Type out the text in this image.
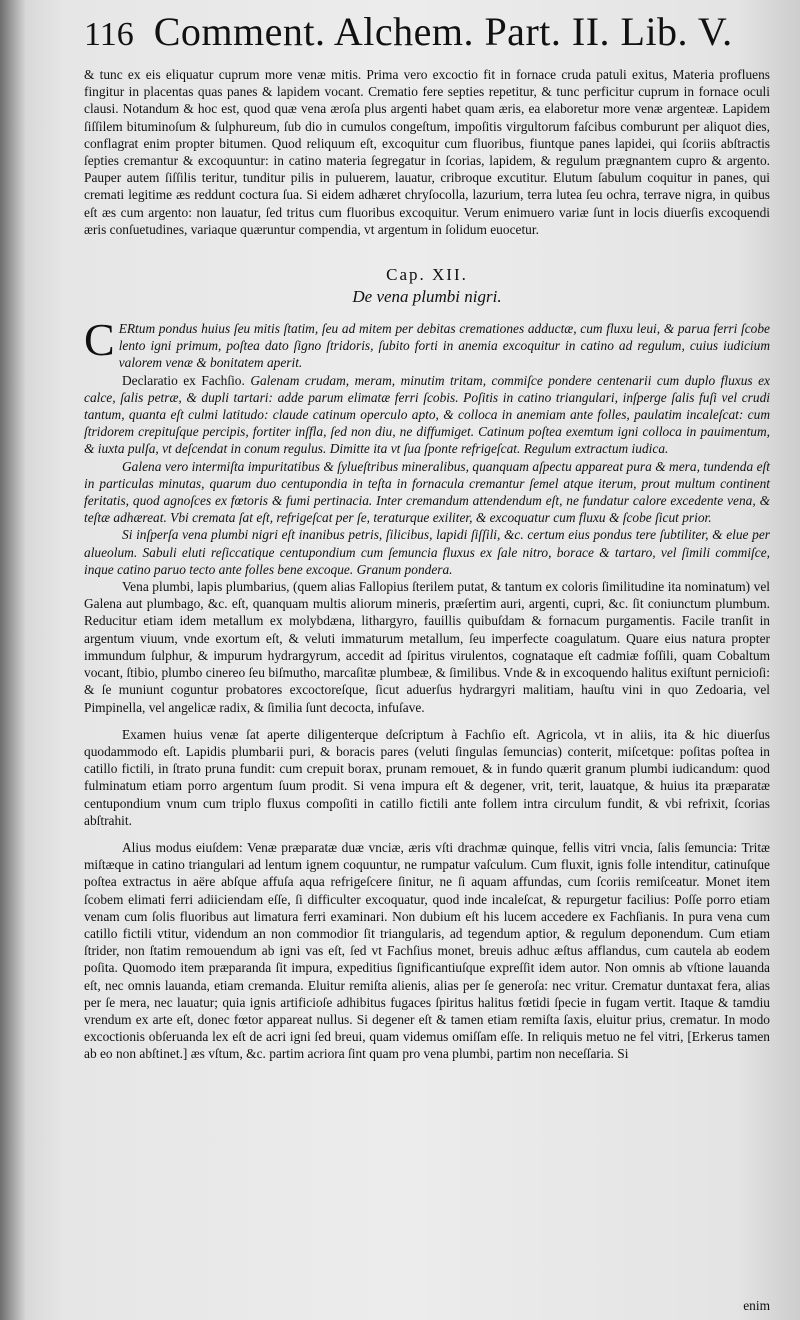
116 Comment. Alchem. Part. II. Lib. V.

& tunc ex eis eliquatur cuprum more venæ mitis. Prima vero excoctio fit in fornace cruda patuli exitus, Materia profluens fingitur in placentas quas panes & lapidem vocant. Crematio fere septies repetitur, & tunc perficitur cuprum in fornace oculi clausi. Notandum & hoc est, quod quæ vena æroſa plus argenti habet quam æris, ea elaboretur more venæ argenteæ. Lapidem ſiſſilem bituminoſum & ſulphureum, ſub dio in cumulos congeſtum, impoſitis virgultorum faſcibus comburunt per aliquot dies, conflagrat enim propter bitumen. Quod reliquum eſt, excoquitur cum fluoribus, fiuntque panes lapidei, qui ſcoriis abſtractis ſepties cremantur & excoquuntur: in catino materia ſegregatur in ſcorias, lapidem, & regulum prægnantem cupro & argento. Pauper autem ſiſſilis teritur, tunditur pilis in puluerem, lauatur, cribroque excutitur. Elutum ſabulum coquitur in panes, qui cremati legitime æs reddunt coctura ſua. Si eidem adhæret chryſocolla, lazurium, terra lutea ſeu ochra, terrave nigra, in quibus eſt æs cum argento: non lauatur, ſed tritus cum fluoribus excoquitur. Verum enimuero variæ ſunt in locis diuerſis excoquendi æris conſuetudines, variaque quæruntur compendia, vt argentum in ſolidum euocetur.

Cap. XII.
De vena plumbi nigri.

C ERtum pondus huius ſeu mitis ſtatim, ſeu ad mitem per debitas cremationes adductæ, cum fluxu leui, & parua ferri ſcobe lento igni primum, poſtea dato ſigno ſtridoris, ſubito forti in anemia excoquitur in catino ad regulum, cuius iudicium valorem venæ & bonitatem aperit.

Declaratio ex Fachſio. Galenam crudam, meram, minutim tritam, commiſce pondere centenarii cum duplo fluxus ex calce, ſalis petræ, & dupli tartari: adde parum elimatæ ferri ſcobis. Poſitis in catino triangulari, inſperge ſalis fuſi vel crudi tantum, quanta eſt culmi latitudo: claude catinum operculo apto, & colloca in anemiam ante folles, paulatim incaleſcat: cum ſtridorem crepituſque percipis, fortiter inſfla, ſed non diu, ne diffumiget. Catinum poſtea exemtum igni colloca in pauimentum, & iuxta pulſa, vt deſcendat in conum regulus. Dimitte ita vt ſua ſponte refrigeſcat. Regulum extractum iudica.

Galena vero intermiſta impuritatibus & ſylueſtribus mineralibus, quanquam aſpectu appareat pura & mera, tundenda eſt in particulas minutas, quarum duo centupondia in teſta in fornacula cremantur ſemel atque iterum, prout multum continent feritatis, quod agnoſces ex fœtoris & fumi pertinacia. Inter cremandum attendendum eſt, ne fundatur calore excedente vena, & teſtæ adhæreat. Vbi cremata ſat eſt, refrigeſcat per ſe, teraturque exiliter, & excoquatur cum fluxu & ſcobe ſicut prior.

Si inſperſa vena plumbi nigri eſt inanibus petris, ſilicibus, lapidi ſiſſili, &c. certum eius pondus tere ſubtiliter, & elue per alueolum. Sabuli eluti reſiccatique centupondium cum ſemuncia fluxus ex ſale nitro, borace & tartaro, vel ſimili commiſce, inque catino paruo tecto ante folles bene excoque. Granum pondera.

Vena plumbi, lapis plumbarius, (quem alias Fallopius ſterilem putat, & tantum ex coloris ſimilitudine ita nominatum) vel Galena aut plumbago, &c. eſt, quanquam multis aliorum mineris, præſertim auri, argenti, cupri, &c. ſit coniunctum plumbum. Reducitur etiam idem metallum ex molybdæna, lithargyro, fauillis quibuſdam & fornacum purgamentis. Facile tranſit in argentum viuum, vnde exortum eſt, & veluti immaturum metallum, ſeu imperfecte coagulatum. Quare eius natura propter immundum ſulphur, & impurum hydrargyrum, accedit ad ſpiritus virulentos, cognataque eſt cadmiæ foſſili, quam Cobaltum vocant, ſtibio, plumbo cinereo ſeu biſmutho, marcaſitæ plumbeæ, & ſimilibus. Vnde & in excoquendo halitus exiſtunt pernicioſi: & ſe muniunt coguntur probatores excoctoreſque, ſicut aduerſus hydrargyri malitiam, hauſtu vini in quo Zedoaria, vel Pimpinella, vel angelicæ radix, & ſimilia ſunt decocta, infuſave.

Examen huius venæ ſat aperte diligenterque deſcriptum à Fachſio eſt. Agricola, vt in aliis, ita & hic diuerſus quodammodo eſt. Lapidis plumbarii puri, & boracis pares (veluti ſingulas ſemuncias) conterit, miſcetque: poſitas poſtea in catillo fictili, in ſtrato pruna fundit: cum crepuit borax, prunam remouet, & in fundo quærit granum plumbi iudicandum: quod fulminatum etiam porro argentum ſuum prodit. Si vena impura eſt & degener, vrit, terit, lauatque, & huius ita præparatæ centupondium vnum cum triplo fluxus compoſiti in catillo fictili ante follem intra circulum fundit, & vbi refrixit, ſcorias abſtrahit.

Alius modus eiuſdem: Venæ præparatæ duæ vnciæ, æris vſti drachmæ quinque, fellis vitri vncia, ſalis ſemuncia: Tritæ miſtæque in catino triangulari ad lentum ignem coquuntur, ne rumpatur vaſculum. Cum fluxit, ignis folle intenditur, catinuſque poſtea extractus in aëre abſque affuſa aqua refrigeſcere ſinitur, ne ſi aquam affundas, cum ſcoriis remiſceatur. Monet item ſcobem elimati ferri adiiciendam eſſe, ſi difficulter excoquatur, quod inde incaleſcat, & repurgetur facilius: Poſſe porro etiam venam cum ſolis fluoribus aut limatura ferri examinari. Non dubium eſt his lucem accedere ex Fachſianis. In pura vena cum catillo fictili vtitur, videndum an non commodior ſit triangularis, ad tegendum aptior, & regulum deponendum. Cum etiam ſtrider, non ſtatim remouendum ab igni vas eſt, ſed vt Fachſius monet, breuis adhuc æſtus afflandus, cum cautela ab eodem poſita. Quomodo item præparanda ſit impura, expeditius ſignificantiuſque expreſſit idem autor. Non omnis ab vſtione lauanda eſt, nec omnis lauanda, etiam cremanda. Eluitur remiſta alienis, alias per ſe generoſa: nec vritur. Crematur duntaxat fera, alias per ſe mera, nec lauatur; quia ignis artificioſe adhibitus fugaces ſpiritus halitus fœtidi ſpecie in fugam vertit. Itaque & tamdiu vrendum ex arte eſt, donec fœtor appareat nullus. Si degener eſt & tamen etiam remiſta ſaxis, eluitur prius, crematur. In modo excoctionis obſeruanda lex eſt de acri igni ſed breui, quam videmus omiſſam eſſe. In reliquis metuo ne fel vitri, [Erkerus tamen ab eo non abſtinet.] æs vſtum, &c. partim acriora ſint quam pro vena plumbi, partim non neceſſaria. Si

enim
